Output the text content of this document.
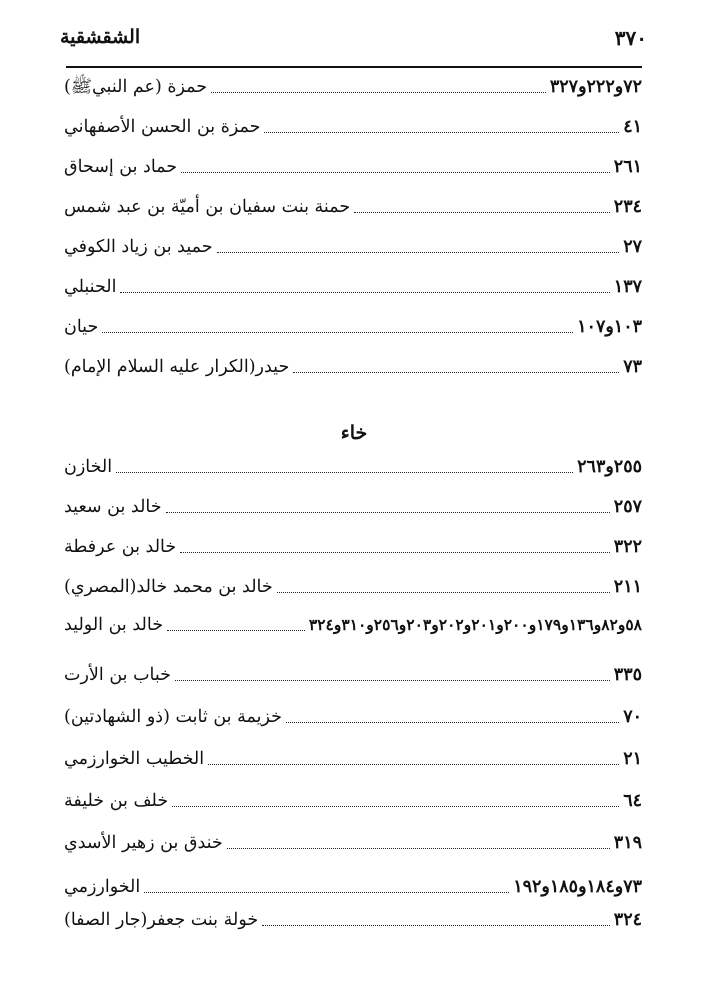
٣٧٠
الشقشقية
حمزة (عم النبيﷺ)	٧٢و٢٢٢و٣٢٧
حمزة بن الحسن الأصفهاني	٤١
حماد بن إسحاق	٢٦١
حمنة بنت سفيان بن أميّة بن عبد شمس	٢٣٤
حميد بن زياد الكوفي	٢٧
الحنبلي	١٣٧
حيان	١٠٣و١٠٧
حيدر(الكرار عليه السلام الإمام)	٧٣
خاء
الخازن	٢٥٥و٢٦٣
خالد بن سعيد	٢٥٧
خالد بن عرفطة	٣٢٢
خالد بن محمد خالد(المصري)	٢١١
خالد بن الوليد	٥٨و٨٢و١٣٦و١٧٩و٢٠٠و٢٠١و٢٠٢و٢٠٣و٢٥٦و٣١٠و٣٢٤
خباب بن الأرت	٣٣٥
خزيمة بن ثابت (ذو الشهادتين)	٧٠
الخطيب الخوارزمي	٢١
خلف بن خليفة	٦٤
خندق بن زهير الأسدي	٣١٩
الخوارزمي	٧٣و١٨٤و١٨٥و١٩٢
خولة بنت جعفر(جار الصفا)	٣٢٤
